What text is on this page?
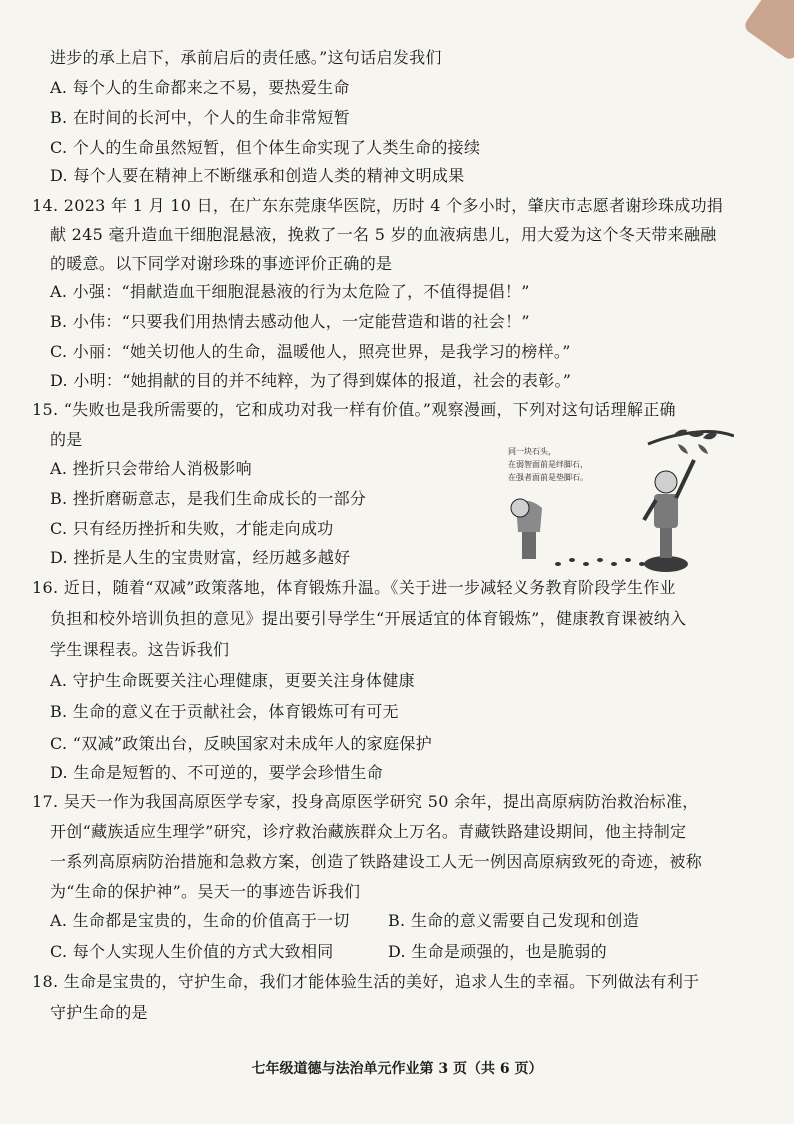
进步的承上启下，承前启后的责任感。”这句话启发我们
A. 每个人的生命都来之不易，要热爱生命
B. 在时间的长河中，个人的生命非常短暂
C. 个人的生命虽然短暂，但个体生命实现了人类生命的接续
D. 每个人要在精神上不断继承和创造人类的精神文明成果
14. 2023 年 1 月 10 日，在广东东莞康华医院，历时 4 个多小时，肇庆市志愿者谢珍珠成功捐
献 245 毫升造血干细胞混悬液，挽救了一名 5 岁的血液病患儿，用大爱为这个冬天带来融融
的暖意。以下同学对谢珍珠的事迹评价正确的是
A. 小强：“捐献造血干细胞混悬液的行为太危险了，不值得提倡！”
B. 小伟：“只要我们用热情去感动他人，一定能营造和谐的社会！”
C. 小丽：“她关切他人的生命，温暖他人，照亮世界，是我学习的榜样。”
D. 小明：“她捐献的目的并不纯粹，为了得到媒体的报道，社会的表彰。”
15. “失败也是我所需要的，它和成功对我一样有价值。”观察漫画，下列对这句话理解正确
的是
A. 挫折只会带给人消极影响
B. 挫折磨砺意志，是我们生命成长的一部分
C. 只有经历挫折和失败，才能走向成功
D. 挫折是人生的宝贵财富，经历越多越好
同一块石头，
在弱智面前是绊脚石，
在强者面前是垫脚石。
16. 近日，随着“双减”政策落地，体育锻炼升温。《关于进一步减轻义务教育阶段学生作业
负担和校外培训负担的意见》提出要引导学生“开展适宜的体育锻炼”，健康教育课被纳入
学生课程表。这告诉我们
A. 守护生命既要关注心理健康，更要关注身体健康
B. 生命的意义在于贡献社会，体育锻炼可有可无
C. “双减”政策出台，反映国家对未成年人的家庭保护
D. 生命是短暂的、不可逆的，要学会珍惜生命
17. 吴天一作为我国高原医学专家，投身高原医学研究 50 余年，提出高原病防治救治标准，
开创“藏族适应生理学”研究，诊疗救治藏族群众上万名。青藏铁路建设期间，他主持制定
一系列高原病防治措施和急救方案，创造了铁路建设工人无一例因高原病致死的奇迹，被称
为“生命的保护神”。吴天一的事迹告诉我们
A. 生命都是宝贵的，生命的价值高于一切 B. 生命的意义需要自己发现和创造
C. 每个人实现人生价值的方式大致相同	D. 生命是顽强的，也是脆弱的
18. 生命是宝贵的，守护生命，我们才能体验生活的美好，追求人生的幸福。下列做法有利于
守护生命的是
七年级道德与法治单元作业第 3 页（共 6 页）
